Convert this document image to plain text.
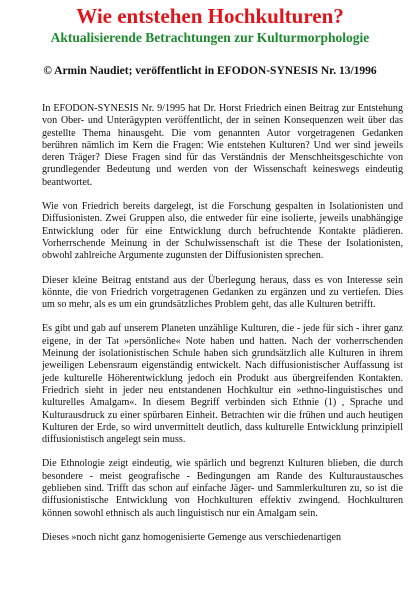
Wie entstehen Hochkulturen?
Aktualisierende Betrachtungen zur Kulturmorphologie
© Armin Naudiet; veröffentlicht in EFODON-SYNESIS Nr. 13/1996

In EFODON-SYNESIS Nr. 9/1995 hat Dr. Horst Friedrich einen Beitrag zur Entstehung von Ober- und Unterägypten veröffentlicht, der in seinen Konsequenzen weit über das gestellte Thema hinausgeht. Die vom genannten Autor vorgetragenen Gedanken berühren nämlich im Kern die Fragen: Wie entstehen Kulturen? Und wer sind jeweils deren Träger? Diese Fragen sind für das Verständnis der Menschheitsgeschichte von grundlegender Bedeutung und werden von der Wissenschaft keineswegs eindeutig beantwortet.

Wie von Friedrich bereits dargelegt, ist die Forschung gespalten in Isolationisten und Diffusionisten. Zwei Gruppen also, die entweder für eine isolierte, jeweils unabhängige Entwicklung oder für eine Entwicklung durch befruchtende Kontakte plädieren. Vorherrschende Meinung in der Schulwissenschaft ist die These der Isolationisten, obwohl zahlreiche Argumente zugunsten der Diffusionisten sprechen.

Dieser kleine Beitrag entstand aus der Überlegung heraus, dass es von Interesse sein könnte, die von Friedrich vorgetragenen Gedanken zu ergänzen und zu vertiefen. Dies um so mehr, als es um ein grundsätzliches Problem geht, das alle Kulturen betrifft.

Es gibt und gab auf unserem Planeten unzählige Kulturen, die - jede für sich - ihrer ganz eigene, in der Tat »persönliche« Note haben und hatten. Nach der vorherrschenden Meinung der isolationistischen Schule haben sich grundsätzlich alle Kulturen in ihrem jeweiligen Lebensraum eigenständig entwickelt. Nach diffusionistischer Auffassung ist jede kulturelle Höherentwicklung jedoch ein Produkt aus übergreifenden Kontakten. Friedrich sieht in jeder neu entstandenen Hochkultur ein »ethno-linguistisches und kulturelles Amalgam«. In diesem Begriff verbinden sich Ethnie (1) , Sprache und Kulturausdruck zu einer spürbaren Einheit. Betrachten wir die frühen und auch heutigen Kulturen der Erde, so wird unvermittelt deutlich, dass kulturelle Entwicklung prinzipiell diffusionistisch angelegt sein muss.

Die Ethnologie zeigt eindeutig, wie spärlich und begrenzt Kulturen blieben, die durch besondere - meist geografische - Bedingungen am Rande des Kulturaustausches geblieben sind. Trifft das schon auf einfache Jäger- und Sammlerkulturen zu, so ist die diffusionistische Entwicklung von Hochkulturen effektiv zwingend. Hochkulturen können sowohl ethnisch als auch linguistisch nur ein Amalgam sein.

Dieses »noch nicht ganz homogenisierte Gemenge aus verschiedenartigen
